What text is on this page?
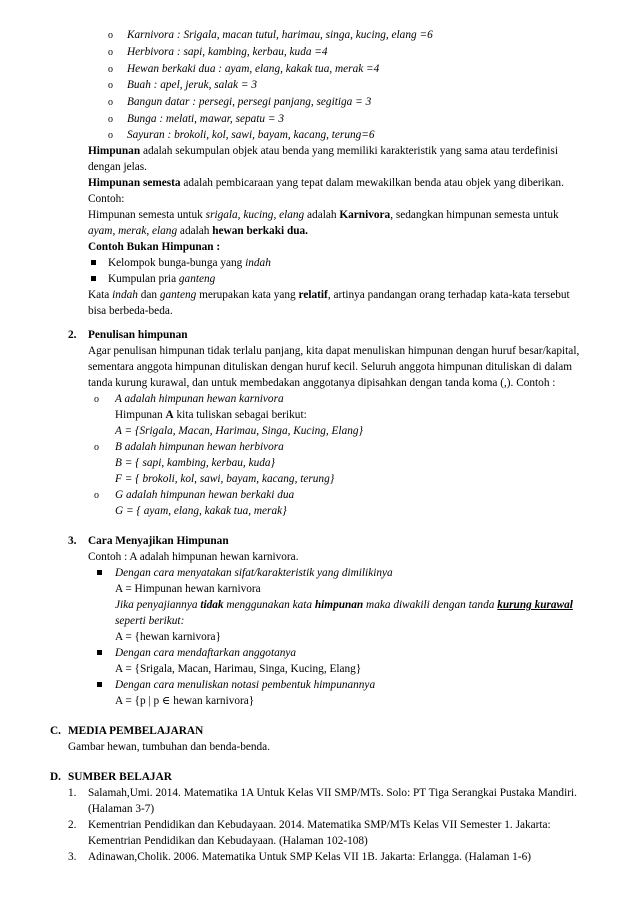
o Karnivora : Srigala, macan tutul, harimau, singa, kucing, elang =6
o Herbivora : sapi, kambing, kerbau, kuda =4
o Hewan berkaki dua : ayam, elang, kakak tua, merak =4
o Buah : apel, jeruk, salak = 3
o Bangun datar : persegi, persegi panjang, segitiga = 3
o Bunga : melati, mawar, sepatu = 3
o Sayuran : brokoli, kol, sawi, bayam, kacang, terung=6
Himpunan adalah sekumpulan objek atau benda yang memiliki karakteristik yang sama atau terdefinisi
dengan jelas.
Himpunan semesta adalah pembicaraan yang tepat dalam mewakilkan benda atau objek yang diberikan.
Contoh:
Himpunan semesta untuk srigala, kucing, elang adalah Karnivora, sedangkan himpunan semesta untuk
ayam, merak, elang adalah hewan berkaki dua.
Contoh Bukan Himpunan :
Kelompok bunga-bunga yang indah
Kumpulan pria ganteng
Kata indah dan ganteng merupakan kata yang relatif, artinya pandangan orang terhadap kata-kata tersebut
bisa berbeda-beda.
2. Penulisan himpunan
Agar penulisan himpunan tidak terlalu panjang, kita dapat menuliskan himpunan dengan huruf besar/kapital,
sementara anggota himpunan dituliskan dengan huruf kecil. Seluruh anggota himpunan dituliskan di dalam
tanda kurung kurawal, dan untuk membedakan anggotanya dipisahkan dengan tanda koma (,). Contoh :
o A adalah himpunan hewan karnivora
Himpunan A kita tuliskan sebagai berikut:
A = {Srigala, Macan, Harimau, Singa, Kucing, Elang}
o B adalah himpunan hewan herbivora
B = { sapi, kambing, kerbau, kuda}
F = { brokoli, kol, sawi, bayam, kacang, terung}
o G adalah himpunan hewan berkaki dua
G = { ayam, elang, kakak tua, merak}
3. Cara Menyajikan Himpunan
Contoh : A adalah himpunan hewan karnivora.
Dengan cara menyatakan sifat/karakteristik yang dimilikinya
A = Himpunan hewan karnivora
Jika penyajiannya tidak menggunakan kata himpunan maka diwakili dengan tanda kurung kurawal
seperti berikut:
A = {hewan karnivora}
Dengan cara mendaftarkan anggotanya
A = {Srigala, Macan, Harimau, Singa, Kucing, Elang}
Dengan cara menuliskan notasi pembentuk himpunannya
A = {p | p ∈ hewan karnivora}
C. MEDIA PEMBELAJARAN
Gambar hewan, tumbuhan dan benda-benda.
D. SUMBER BELAJAR
1. Salamah,Umi. 2014. Matematika 1A Untuk Kelas VII SMP/MTs. Solo: PT Tiga Serangkai Pustaka Mandiri.
(Halaman 3-7)
2. Kementrian Pendidikan dan Kebudayaan. 2014. Matematika SMP/MTs Kelas VII Semester 1. Jakarta:
Kementrian Pendidikan dan Kebudayaan. (Halaman 102-108)
3. Adinawan,Cholik. 2006. Matematika Untuk SMP Kelas VII 1B. Jakarta: Erlangga. (Halaman 1-6)
